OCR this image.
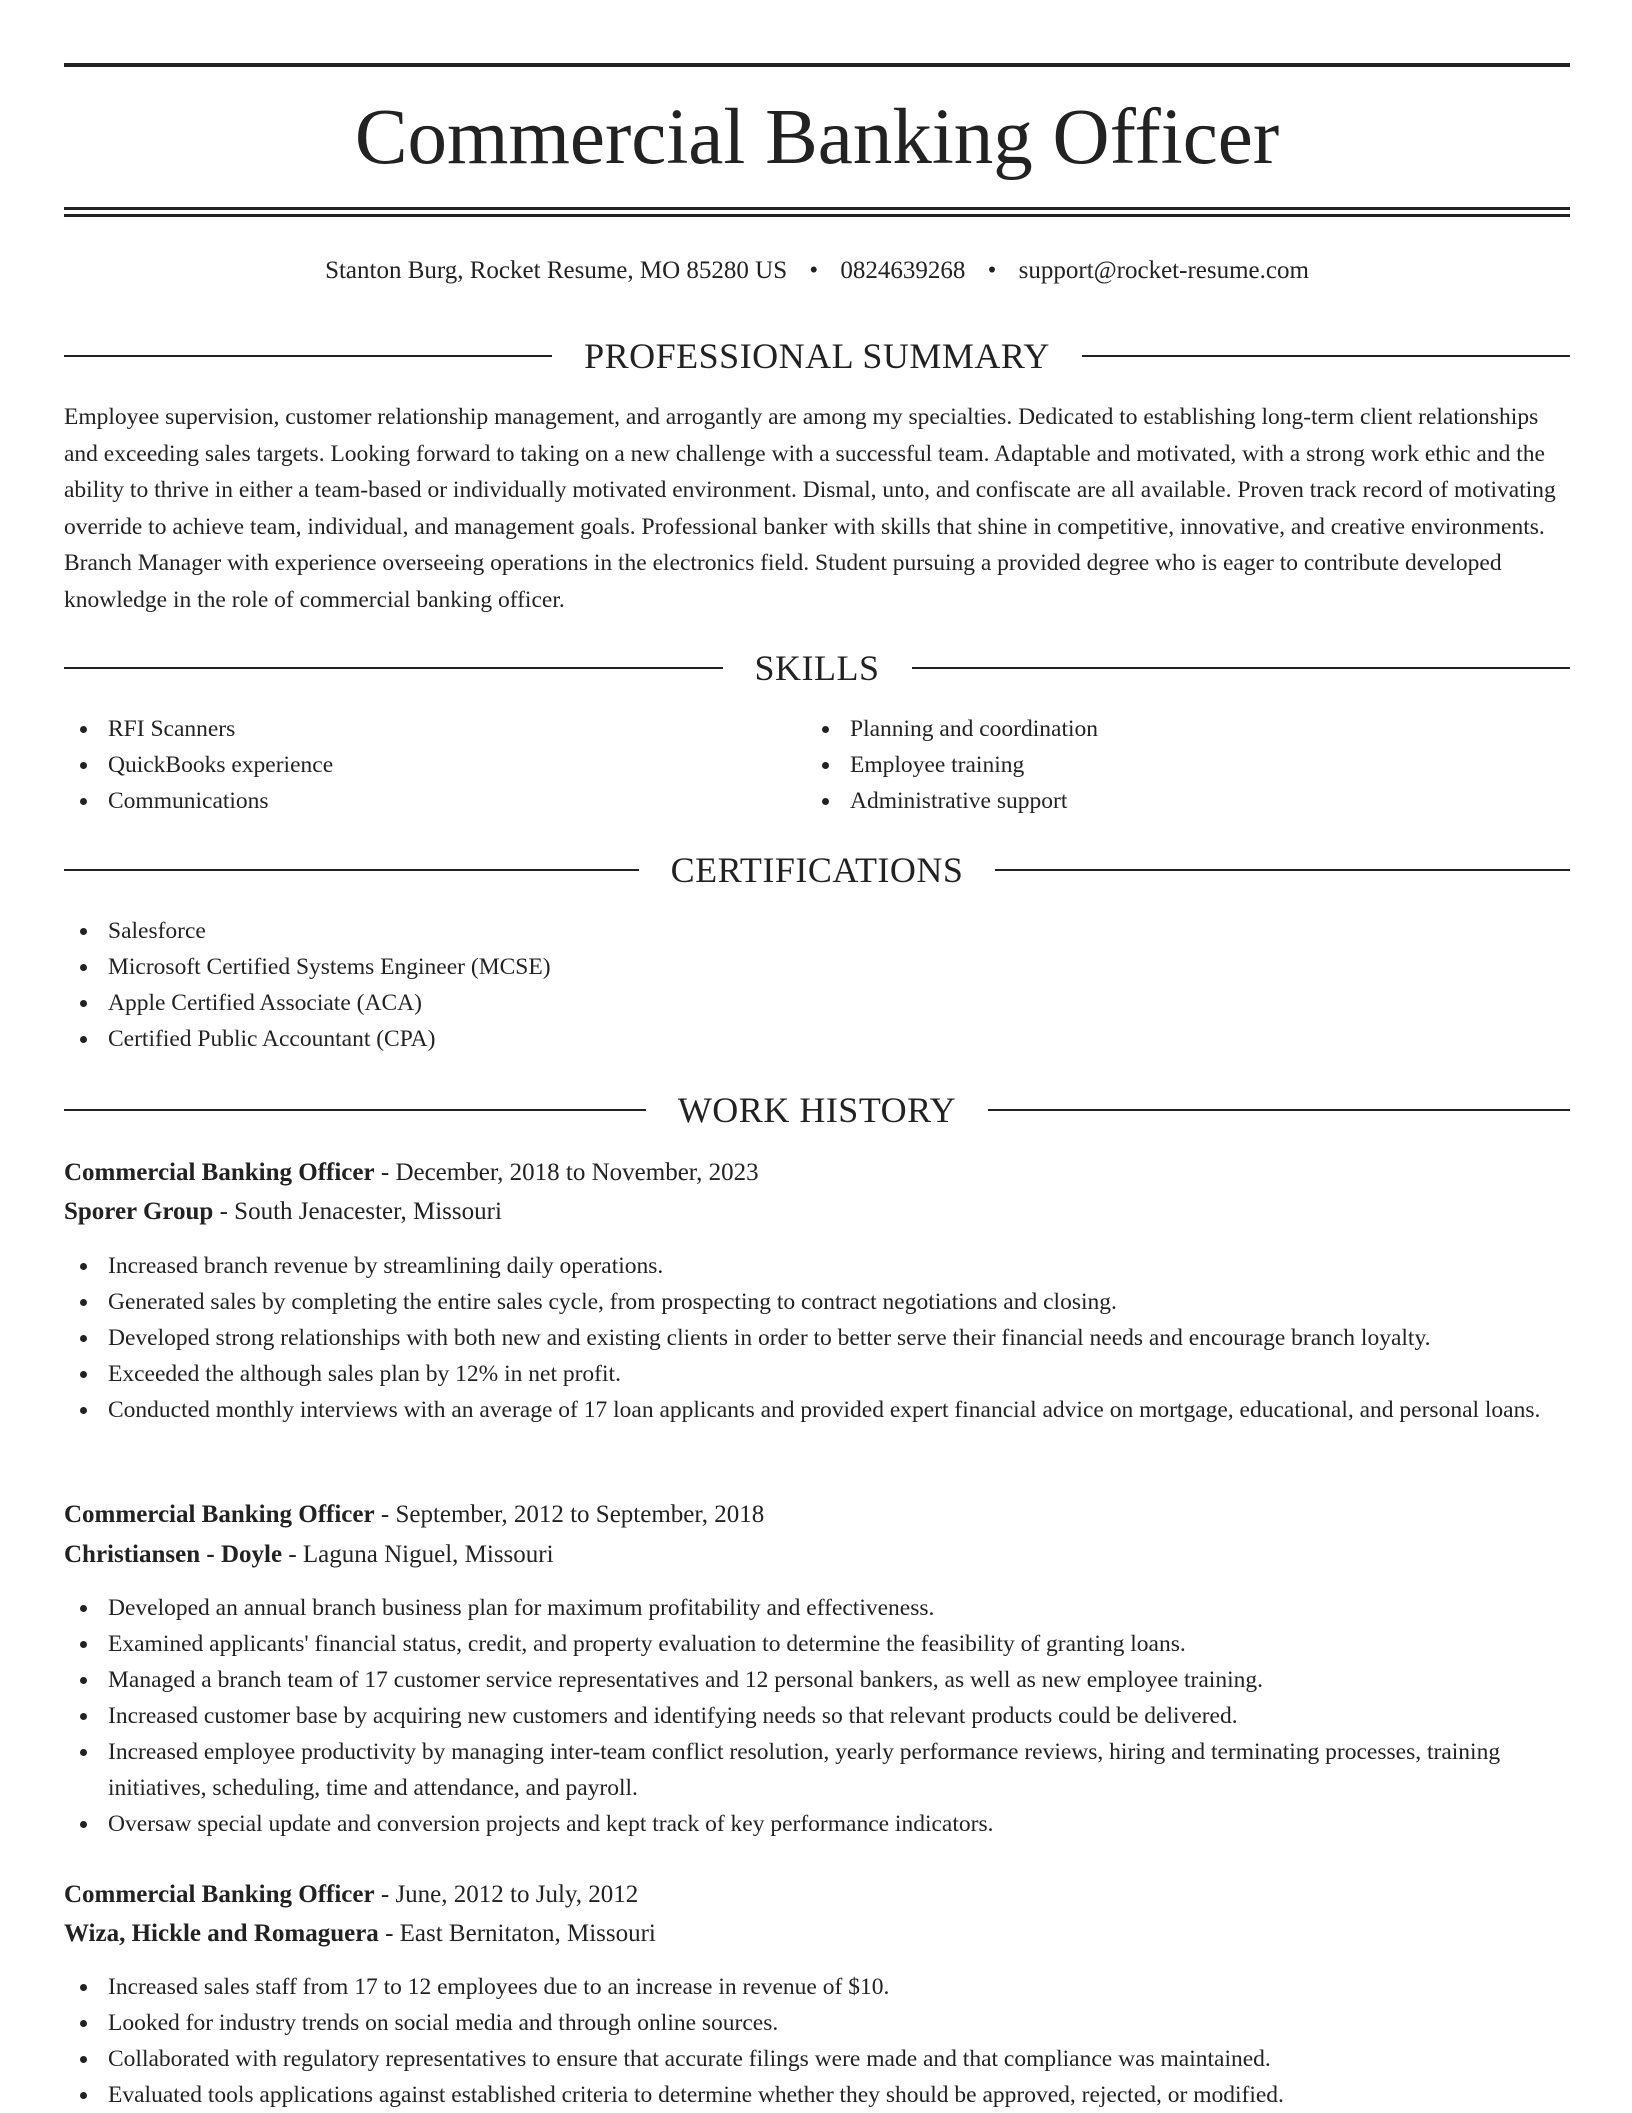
Commercial Banking Officer
Stanton Burg, Rocket Resume, MO 85280 US • 0824639268 • support@rocket-resume.com
PROFESSIONAL SUMMARY

Employee supervision, customer relationship management, and arrogantly are among my specialties. Dedicated to establishing long-term client relationships and exceeding sales targets. Looking forward to taking on a new challenge with a successful team. Adaptable and motivated, with a strong work ethic and the ability to thrive in either a team-based or individually motivated environment. Dismal, unto, and confiscate are all available. Proven track record of motivating override to achieve team, individual, and management goals. Professional banker with skills that shine in competitive, innovative, and creative environments. Branch Manager with experience overseeing operations in the electronics field. Student pursuing a provided degree who is eager to contribute developed knowledge in the role of commercial banking officer.

SKILLS
RFI Scanners
QuickBooks experience
Communications
Planning and coordination
Employee training
Administrative support
CERTIFICATIONS
Salesforce
Microsoft Certified Systems Engineer (MCSE)
Apple Certified Associate (ACA)
Certified Public Accountant (CPA)
WORK HISTORY
Commercial Banking Officer - December, 2018 to November, 2023
Sporer Group - South Jenacester, Missouri
Increased branch revenue by streamlining daily operations.
Generated sales by completing the entire sales cycle, from prospecting to contract negotiations and closing.
Developed strong relationships with both new and existing clients in order to better serve their financial needs and encourage branch loyalty.
Exceeded the although sales plan by 12% in net profit.
Conducted monthly interviews with an average of 17 loan applicants and provided expert financial advice on mortgage, educational, and personal loans.
Commercial Banking Officer - September, 2012 to September, 2018
Christiansen - Doyle - Laguna Niguel, Missouri
Developed an annual branch business plan for maximum profitability and effectiveness.
Examined applicants' financial status, credit, and property evaluation to determine the feasibility of granting loans.
Managed a branch team of 17 customer service representatives and 12 personal bankers, as well as new employee training.
Increased customer base by acquiring new customers and identifying needs so that relevant products could be delivered.
Increased employee productivity by managing inter-team conflict resolution, yearly performance reviews, hiring and terminating processes, training initiatives, scheduling, time and attendance, and payroll.
Oversaw special update and conversion projects and kept track of key performance indicators.
Commercial Banking Officer - June, 2012 to July, 2012
Wiza, Hickle and Romaguera - East Bernitaton, Missouri
Increased sales staff from 17 to 12 employees due to an increase in revenue of $10.
Looked for industry trends on social media and through online sources.
Collaborated with regulatory representatives to ensure that accurate filings were made and that compliance was maintained.
Evaluated tools applications against established criteria to determine whether they should be approved, rejected, or modified.
